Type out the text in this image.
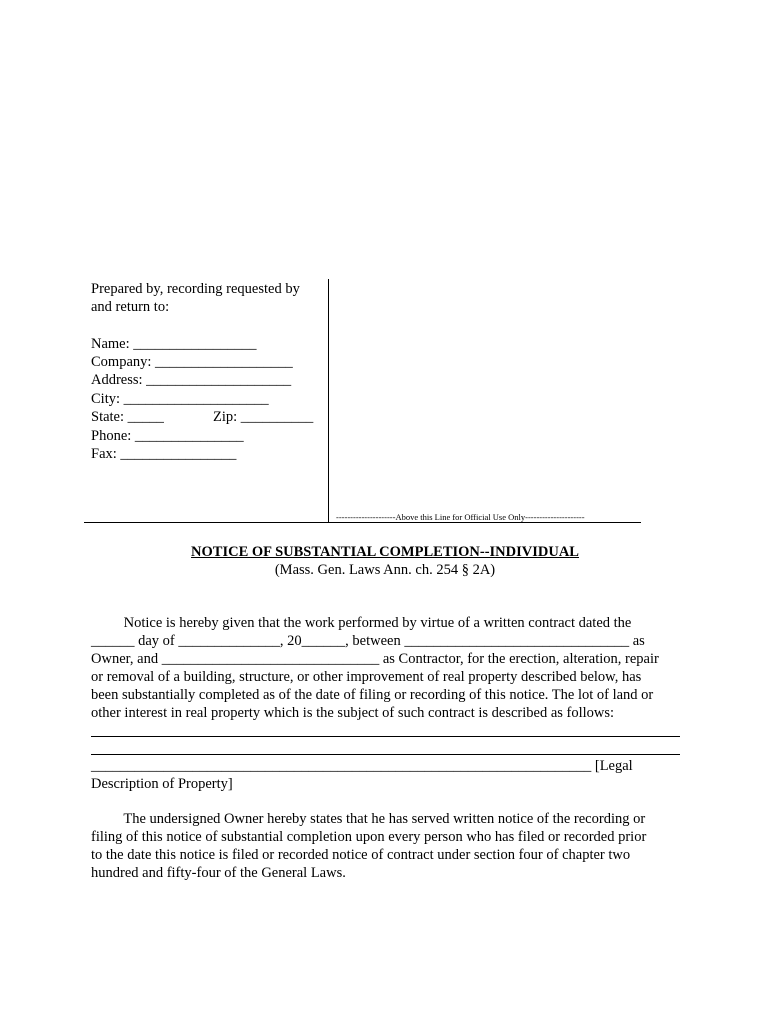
Prepared by, recording requested by
and return to:
Name: _________________
Company: ___________________
Address: ____________________
City: ____________________
State: _____	Zip: __________
Phone: _______________
Fax: ________________
---------------------Above this Line for Official Use Only---------------------
NOTICE OF SUBSTANTIAL COMPLETION--INDIVIDUAL
(Mass. Gen. Laws Ann. ch. 254 § 2A)
Notice is hereby given that the work performed by virtue of a written contract dated the
______ day of ______________, 20______, between _______________________________ as
Owner, and ______________________________ as Contractor, for the erection, alteration, repair
or removal of a building, structure, or other improvement of real property described below, has
been substantially completed as of the date of filing or recording of this notice. The lot of land or
other interest in real property which is the subject of such contract is described as follows:
_____________________________________________________________________ [Legal
Description of Property]
The undersigned Owner hereby states that he has served written notice of the recording or
filing of this notice of substantial completion upon every person who has filed or recorded prior
to the date this notice is filed or recorded notice of contract under section four of chapter two
hundred and fifty-four of the General Laws.
